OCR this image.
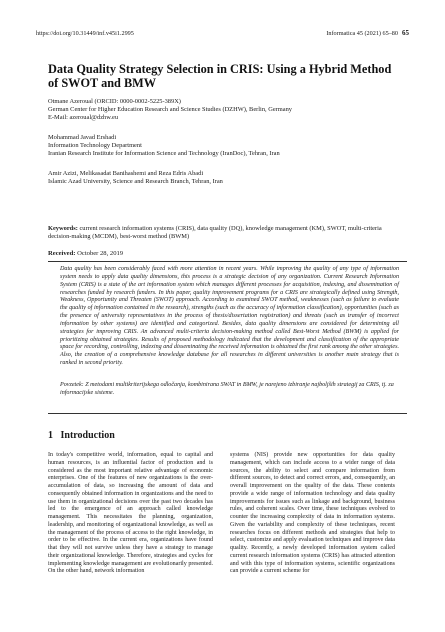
https://doi.org/10.31449/inf.v45i1.2995	Informatica 45 (2021) 65–80 65
Data Quality Strategy Selection in CRIS: Using a Hybrid Method of SWOT and BMW
Otmane Azeroual (ORCID: 0000-0002-5225-389X)
German Center for Higher Education Research and Science Studies (DZHW), Berlin, Germany
E-Mail: azeroual@dzhw.eu
Mohammad Javad Ershadi
Information Technology Department
Iranian Research Institute for Information Science and Technology (IranDoc), Tehran, Iran
Amir Azizi, Melikasadat Banihashemi and Reza Edris Abadi
Islamic Azad University, Science and Research Branch, Tehran, Iran
Keywords: current research information systems (CRIS), data quality (DQ), knowledge management (KM), SWOT, multi-criteria decision-making (MCDM), best-worst method (BWM)
Received: October 28, 2019
Data quality has been considerably faced with more attention in recent years. While improving the quality of any type of information system needs to apply data quality dimensions, this process is a strategic decision of any organization. Current Research Information System (CRIS) is a state of the art information system which manages different processes for acquisition, indexing, and dissemination of researches funded by research funders. In this paper, quality improvement programs for a CRIS are strategically defined using Strength, Weakness, Opportunity and Threaten (SWOT) approach. According to examined SWOT method, weaknesses (such as failure to evaluate the quality of information contained in the research), strengths (such as the accuracy of information classification), opportunities (such as the presence of university representatives in the process of thesis/dissertation registration) and threats (such as transfer of incorrect information by other systems) are identified and categorized. Besides, data quality dimensions are considered for determining all strategies for improving CRIS. An advanced multi-criteria decision-making method called Best-Worst Method (BWM) is applied for prioritizing obtained strategies. Results of proposed methodology indicated that the development and classification of the appropriate space for recording, controlling, indexing and disseminating the received information is obtained the first rank among the other strategies. Also, the creation of a comprehensive knowledge database for all researches in different universities is another main strategy that is ranked in second priority.
Povzetek: Z metodami multikriterijskega odločanja, kombinirana SWAT in BMW, je narejeno izbiranje najboljših strategij za CRIS, tj. za informacijske sisteme.
1 Introduction
In today's competitive world, information, equal to capital and human resources, is an influential factor of production and is considered as the most important relative advantage of economic enterprises. One of the features of new organizations is the over-accumulation of data, so increasing the amount of data and consequently obtained information in organizations and the need to use them in organizational decisions over the past two decades has led to the emergence of an approach called knowledge management. This necessitates the planning, organization, leadership, and monitoring of organizational knowledge, as well as the management of the process of access to the right knowledge, in order to be effective. In the current era, organizations have found that they will not survive unless they have a strategy to manage their organizational knowledge. Therefore, strategies and cycles for implementing knowledge management are evolutionarily presented. On the other hand, network information
systems (NIS) provide new opportunities for data quality management, which can include access to a wider range of data sources, the ability to select and compare information from different sources, to detect and correct errors, and, consequently, an overall improvement on the quality of the data. These contents provide a wide range of information technology and data quality improvements for issues such as linkage and background, business rules, and coherent scales. Over time, these techniques evolved to counter the increasing complexity of data in information systems. Given the variability and complexity of these techniques, recent researches focus on different methods and strategies that help to select, customize and apply evaluation techniques and improve data quality. Recently, a newly developed information system called current research information systems (CRIS) has attracted attention and with this type of information systems, scientific organizations can provide a current scheme for
